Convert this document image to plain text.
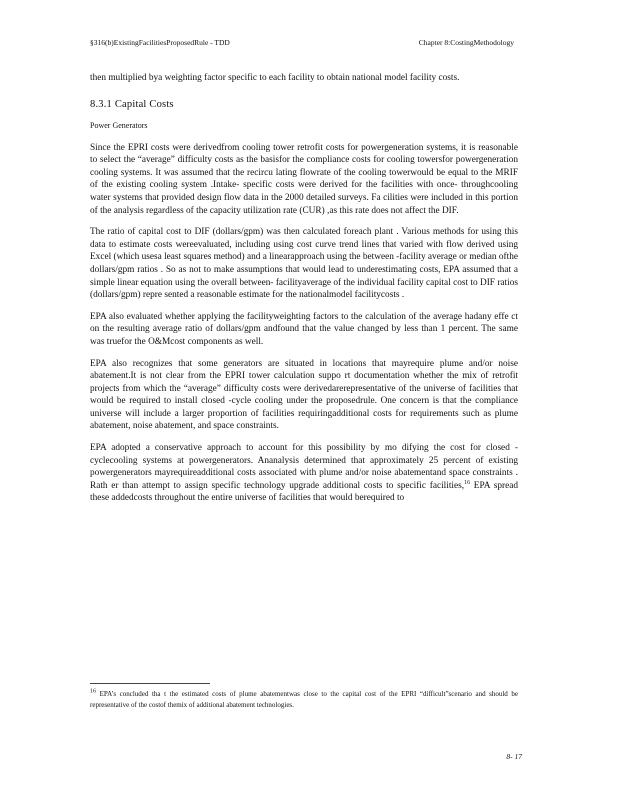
§316(b)ExistingFacilitiesProposedRule - TDD	Chapter 8:CostingMethodology

then multiplied bya weighting factor specific to each facility to obtain national model facility costs.

8.3.1 Capital Costs
Power Generators

Since the EPRI costs were derivedfrom cooling tower retrofit costs for powergeneration systems, it is reasonable to select the “average” difficulty costs as the basisfor the compliance costs for cooling towersfor powergeneration cooling systems. It was assumed that the recircu lating flowrate of the cooling towerwould be equal to the MRIF of the existing cooling system .Intake- specific costs were derived for the facilities with once- throughcooling water systems that provided design flow data in the 2000 detailed surveys. Fa cilities were included in this portion of the analysis regardless of the capacity utilization rate (CUR) ,as this rate does not affect the DIF.

The ratio of capital cost to DIF (dollars/gpm) was then calculated foreach plant . Various methods for using this data to estimate costs wereevaluated, including using cost curve trend lines that varied with flow derived using Excel (which usesa least squares method) and a linearapproach using the between -facility average or median ofthe dollars/gpm ratios . So as not to make assumptions that would lead to underestimating costs, EPA assumed that a simple linear equation using the overall between- facilityaverage of the individual facility capital cost to DIF ratios (dollars/gpm) repre sented a reasonable estimate for the nationalmodel facilitycosts .

EPA also evaluated whether applying the facilityweighting factors to the calculation of the average hadany effe ct on the resulting average ratio of dollars/gpm andfound that the value changed by less than 1 percent. The same was truefor the O&Mcost components as well.

EPA also recognizes that some generators are situated in locations that mayrequire plume and/or noise abatement.It is not clear from the EPRI tower calculation suppo rt documentation whether the mix of retrofit projects from which the “average” difficulty costs were derivedarerepresentative of the universe of facilities that would be required to install closed -cycle cooling under the proposedrule. One concern is that the compliance universe will include a larger proportion of facilities requiringadditional costs for requirements such as plume abatement, noise abatement, and space constraints.

EPA adopted a conservative approach to account for this possibility by mo difying the cost for closed -cyclecooling systems at powergenerators. Ananalysis determined that approximately 25 percent of existing powergenerators mayrequireadditional costs associated with plume and/or noise abatementand space constraints . Rath er than attempt to assign specific technology upgrade additional costs to specific facilities,$^{16}$ EPA spread these addedcosts throughout the entire universe of facilities that would berequired to

$^{16}$ EPA’s concluded tha t the estimated costs of plume abatementwas close to the capital cost of the EPRI “difficult”scenario and should be representative of the costof themix of additional abatement technologies.
8- 17
